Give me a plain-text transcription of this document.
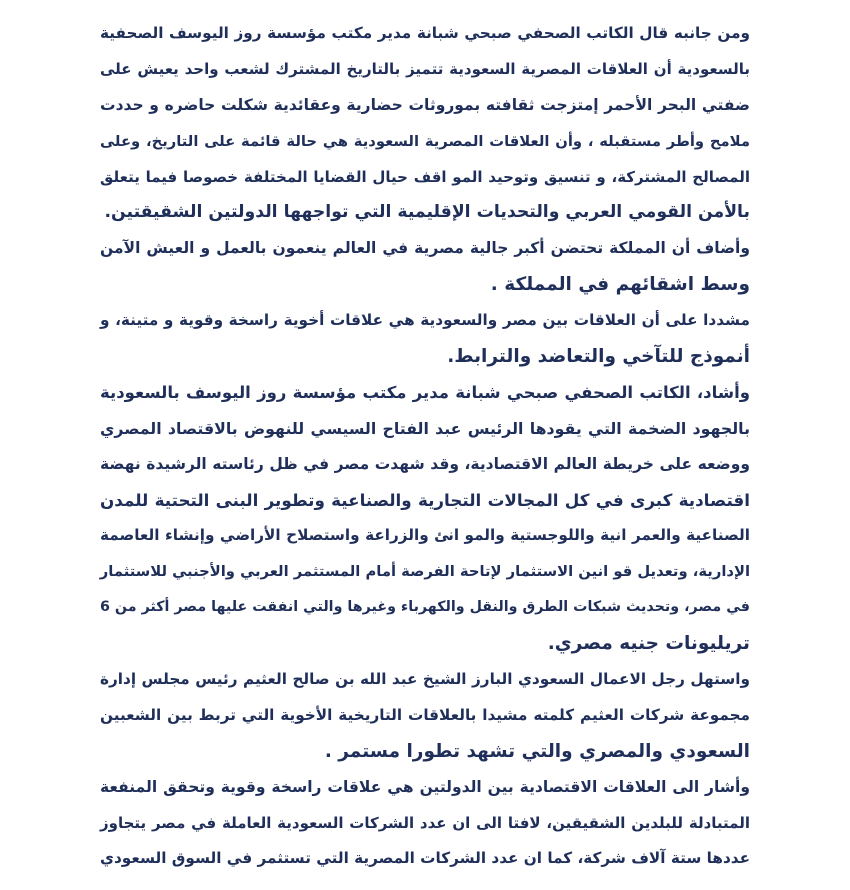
ومن جانبه قال الكاتب الصحفي صبحي شبانة مدير مكتب مؤسسة روز اليوسف الصحفية
بالسعودية أن العلاقات المصرية السعودية تتميز بالتاريخ المشترك لشعب واحد يعيش على
ضفتي البحر الأحمر إمتزجت ثقافته بموروثات حضارية وعقائدية شكلت حاضره و حددت
ملامح وأطر مستقبله ، وأن العلاقات المصرية السعودية هي حالة قائمة على التاريخ، وعلى
المصالح المشتركة، و تنسيق وتوحيد المو اقف حيال القضايا المختلفة خصوصا فيما يتعلق
بالأمن القومي العربي والتحديات الإقليمية التي تواجهها الدولتين الشقيقتين.
وأضاف أن المملكة تحتضن أكبر جالية مصرية في العالم ينعمون بالعمل و العيش الآمن
وسط اشقائهم في المملكة .
مشددا على أن العلاقات بين مصر والسعودية هي علاقات أخوية راسخة وقوية و متينة، و
أنموذج للتآخي والتعاضد والترابط.
وأشاد، الكاتب الصحفي صبحي شبانة مدير مكتب مؤسسة روز اليوسف بالسعودية
بالجهود الضخمة التي يقودها الرئيس عبد الفتاح السيسي للنهوض بالاقتصاد المصري
ووضعه على خريطة العالم الاقتصادية، وقد شهدت مصر في ظل رئاسته الرشيدة نهضة
اقتصادية كبرى في كل المجالات التجارية والصناعية وتطوير البنى التحتية للمدن
الصناعية والعمر انية واللوجستية والمو انئ والزراعة واستصلاح الأراضي وإنشاء العاصمة
الإدارية، وتعديل قو انين الاستثمار لإتاحة الفرصة أمام المستثمر العربي والأجنبي للاستثمار
في مصر، وتحديث شبكات الطرق والنقل والكهرباء وغيرها والتي انفقت عليها مصر أكثر من 6
تريليونات جنيه مصري.
واستهل رجل الاعمال السعودي البارز الشيخ عبد الله بن صالح العثيم رئيس مجلس إدارة
مجموعة شركات العثيم كلمته مشيدا بالعلاقات التاريخية الأخوية التي تربط بين الشعبين
السعودي والمصري والتي تشهد تطورا مستمر .
وأشار الى العلاقات الاقتصادية بين الدولتين هي علاقات راسخة وقوية وتحقق المنفعة
المتبادلة للبلدين الشقيقين، لافتا الى ان عدد الشركات السعودية العاملة في مصر يتجاوز
عددها ستة آلاف شركة، كما ان عدد الشركات المصرية التي تستثمر في السوق السعودي
